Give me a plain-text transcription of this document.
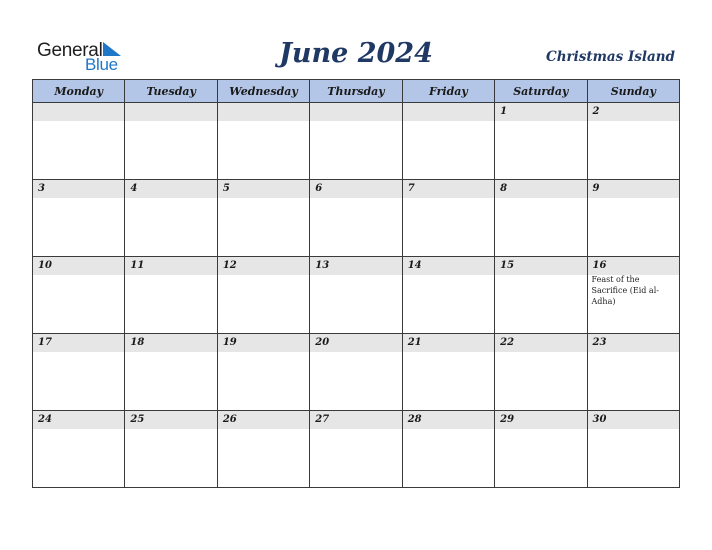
General
Blue	June 2024	Christmas Island
Monday	Tuesday	Wednesday	Thursday	Friday	Saturday	Sunday

					1	2

3	4	5	6	7	8	9

10	11	12	13	14	15	16
Feast of the Sacrifice (Eid al-Adha)

17	18	19	20	21	22	23

24	25	26	27	28	29	30
